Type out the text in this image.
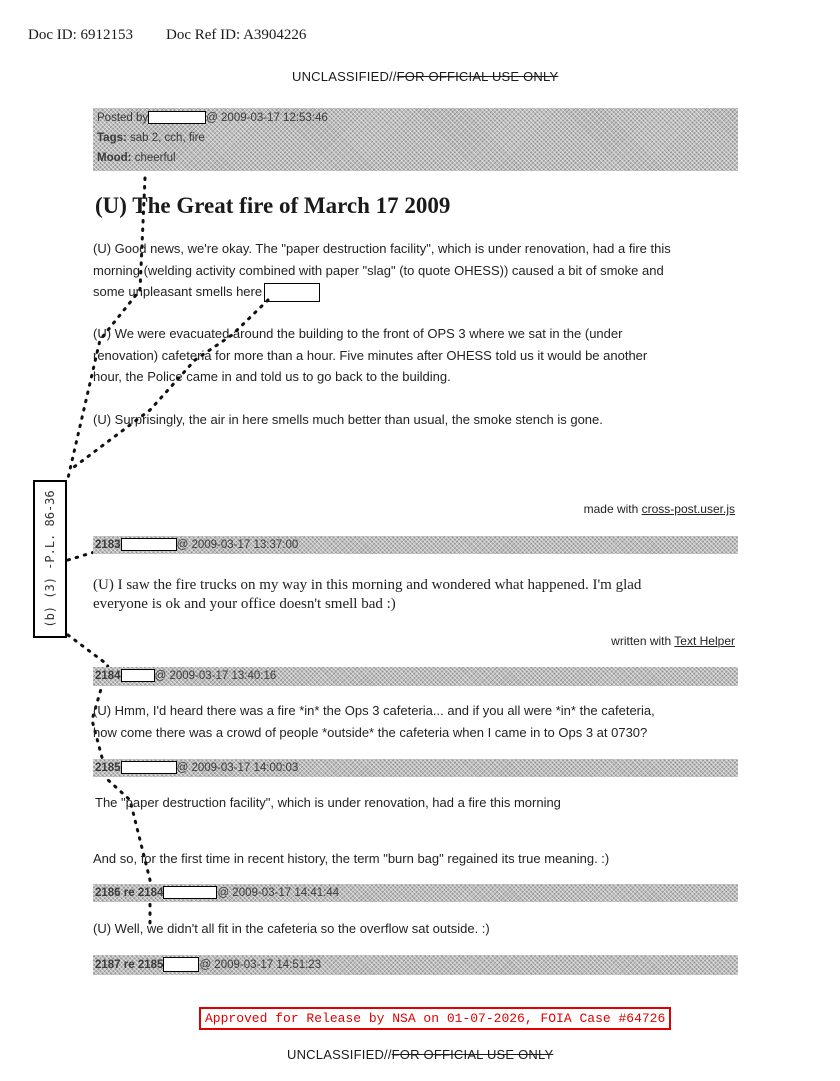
Doc ID: 6912153 Doc Ref ID: A3904226
UNCLASSIFIED//FOR OFFICIAL USE ONLY
Posted by	@ 2009-03-17 12:53:46
Tags: sab 2, cch, fire
Mood: cheerful
(U) The Great fire of March 17 2009
(U) Good news, we're okay. The "paper destruction facility", which is under renovation, had a fire this
morning (welding activity combined with paper "slag" (to quote OHESS)) caused a bit of smoke and
some unpleasant smells here
(U) We were evacuated around the building to the front of OPS 3 where we sat in the (under
renovation) cafeteria for more than a hour. Five minutes after OHESS told us it would be another
hour, the Police came in and told us to go back to the building.
(U) Surprisingly, the air in here smells much better than usual, the smoke stench is gone.
made with cross-post.user.js
(b) (3) -P.L. 86-36	2183	@ 2009-03-17 13:37:00
(U) I saw the fire trucks on my way in this morning and wondered what happened. I'm glad
everyone is ok and your office doesn't smell bad :)
written with Text Helper
2184	@ 2009-03-17 13:40:16
(U) Hmm, I'd heard there was a fire *in* the Ops 3 cafeteria... and if you all were *in* the cafeteria,
how come there was a crowd of people *outside* the cafeteria when I came in to Ops 3 at 0730?
2185	@ 2009-03-17 14:00:03
The "paper destruction facility", which is under renovation, had a fire this morning
And so, for the first time in recent history, the term "burn bag" regained its true meaning. :)
2186 re 2184	@ 2009-03-17 14:41:44
(U) Well, we didn't all fit in the cafeteria so the overflow sat outside. :)
2187 re 2185	@ 2009-03-17 14:51:23
Approved for Release by NSA on 01-07-2026, FOIA Case #64726
UNCLASSIFIED//FOR OFFICIAL USE ONLY
